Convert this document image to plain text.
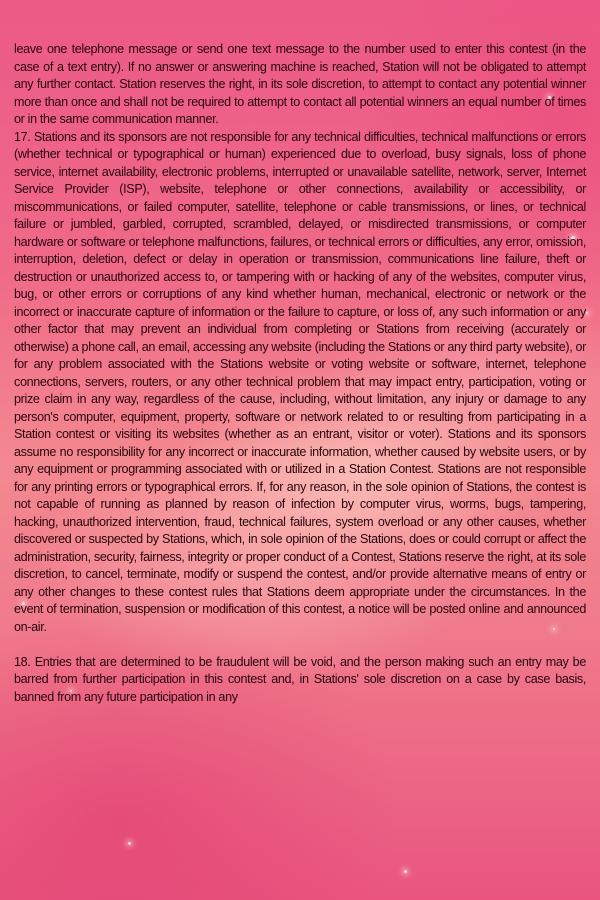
leave one telephone message or send one text message to the number used to enter this contest (in the case of a text entry). If no answer or answering machine is reached, Station will not be obligated to attempt any further contact. Station reserves the right, in its sole discretion, to attempt to contact any potential winner more than once and shall not be required to attempt to contact all potential winners an equal number of times or in the same communication manner.

17. Stations and its sponsors are not responsible for any technical difficulties, technical malfunctions or errors (whether technical or typographical or human) experienced due to overload, busy signals, loss of phone service, internet availability, electronic problems, interrupted or unavailable satellite, network, server, Internet Service Provider (ISP), website, telephone or other connections, availability or accessibility, or miscommunications, or failed computer, satellite, telephone or cable transmissions, or lines, or technical failure or jumbled, garbled, corrupted, scrambled, delayed, or misdirected transmissions, or computer hardware or software or telephone malfunctions, failures, or technical errors or difficulties, any error, omission, interruption, deletion, defect or delay in operation or transmission, communications line failure, theft or destruction or unauthorized access to, or tampering with or hacking of any of the websites, computer virus, bug, or other errors or corruptions of any kind whether human, mechanical, electronic or network or the incorrect or inaccurate capture of information or the failure to capture, or loss of, any such information or any other factor that may prevent an individual from completing or Stations from receiving (accurately or otherwise) a phone call, an email, accessing any website (including the Stations or any third party website), or for any problem associated with the Stations website or voting website or software, internet, telephone connections, servers, routers, or any other technical problem that may impact entry, participation, voting or prize claim in any way, regardless of the cause, including, without limitation, any injury or damage to any person's computer, equipment, property, software or network related to or resulting from participating in a Station contest or visiting its websites (whether as an entrant, visitor or voter). Stations and its sponsors assume no responsibility for any incorrect or inaccurate information, whether caused by website users, or by any equipment or programming associated with or utilized in a Station Contest. Stations are not responsible for any printing errors or typographical errors. If, for any reason, in the sole opinion of Stations, the contest is not capable of running as planned by reason of infection by computer virus, worms, bugs, tampering, hacking, unauthorized intervention, fraud, technical failures, system overload or any other causes, whether discovered or suspected by Stations, which, in sole opinion of the Stations, does or could corrupt or affect the administration, security, fairness, integrity or proper conduct of a Contest, Stations reserve the right, at its sole discretion, to cancel, terminate, modify or suspend the contest, and/or provide alternative means of entry or any other changes to these contest rules that Stations deem appropriate under the circumstances. In the event of termination, suspension or modification of this contest, a notice will be posted online and announced on-air.

18. Entries that are determined to be fraudulent will be void, and the person making such an entry may be barred from further participation in this contest and, in Stations' sole discretion on a case by case basis, banned from any future participation in any
